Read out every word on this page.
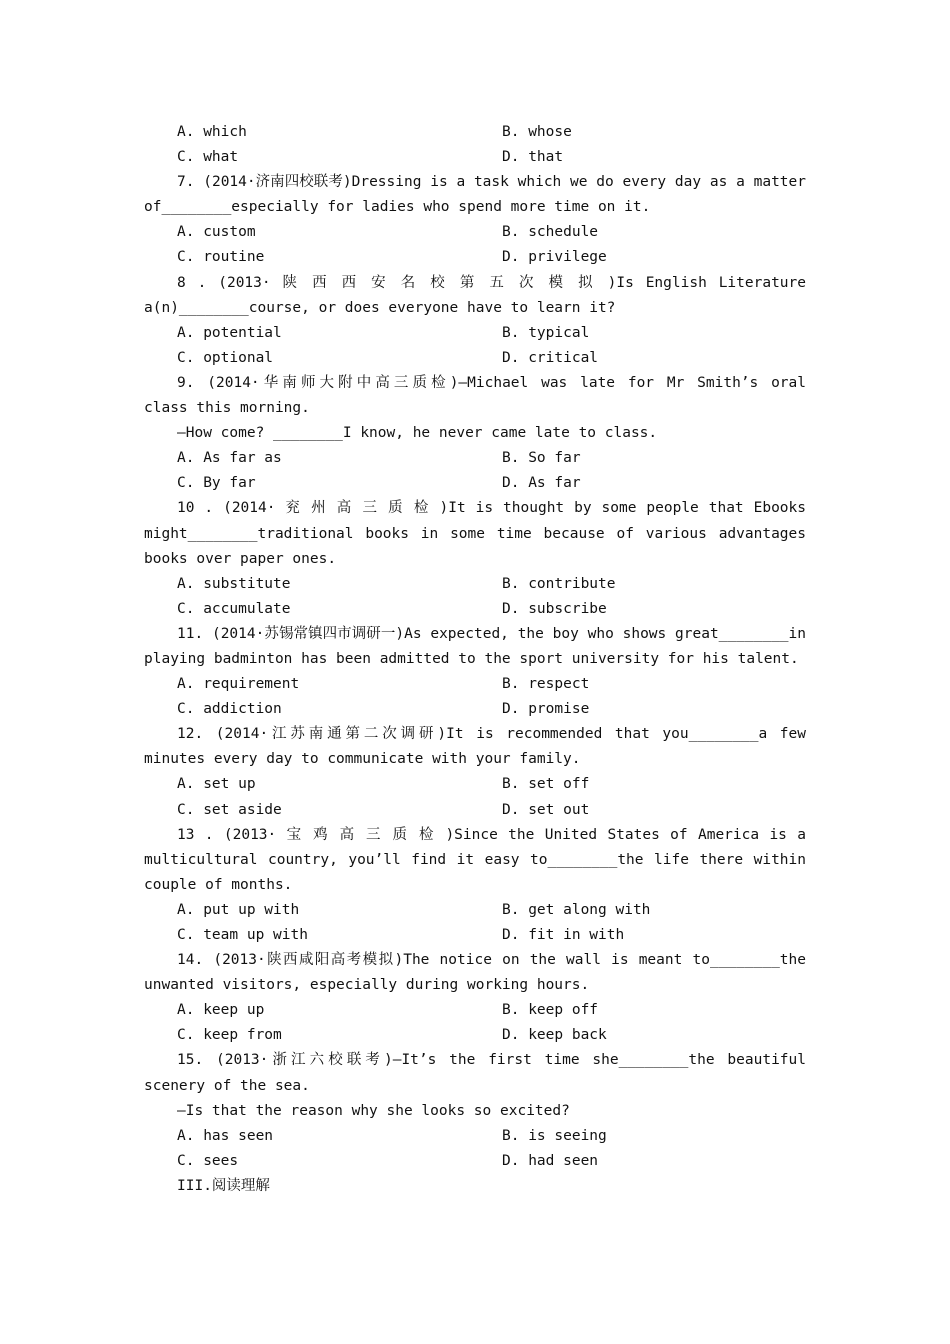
A. which	B. whose
C. what	D. that
7. (2014·济南四校联考)Dressing is a task which we do every day as a matter
of________especially for ladies who spend more time on it.
A. custom	B. schedule
C. routine	D. privilege
8 . (2013· 陕 西 西 安 名 校 第 五 次 模 拟 )Is English Literature
a(n)________course, or does everyone have to learn it?
A. potential	B. typical
C. optional	D. critical
9. (2014·华南师大附中高三质检)—Michael was late for Mr Smith’s oral
class this morning.
—How come? ________I know, he never came late to class.
A. As far as	B. So far
C. By far	D. As far
10 . (2014· 兖 州 高 三 质 检 )It is thought by some people that Ebooks
might________traditional books in some time because of various advantages
books over paper ones.
A. substitute	B. contribute
C. accumulate	D. subscribe
11. (2014·苏锡常镇四市调研一)As expected, the boy who shows great________in
playing badminton has been admitted to the sport university for his talent.
A. requirement	B. respect
C. addiction	D. promise
12. (2014·江苏南通第二次调研)It is recommended that you________a few
minutes every day to communicate with your family.
A. set up	B. set off
C. set aside	D. set out
13 . (2013· 宝 鸡 高 三 质 检 )Since the United States of America is a
multicultural country, you’ll find it easy to________the life there within
couple of months.
A. put up with	B. get along with
C. team up with	D. fit in with
14. (2013·陕西咸阳高考模拟)The notice on the wall is meant to________the
unwanted visitors, especially during working hours.
A. keep up	B. keep off
C. keep from	D. keep back
15. (2013·浙江六校联考)—It’s the first time she________the beautiful
scenery of the sea.
—Is that the reason why she looks so excited?
A. has seen	B. is seeing
C. sees	D. had seen
III.阅读理解
